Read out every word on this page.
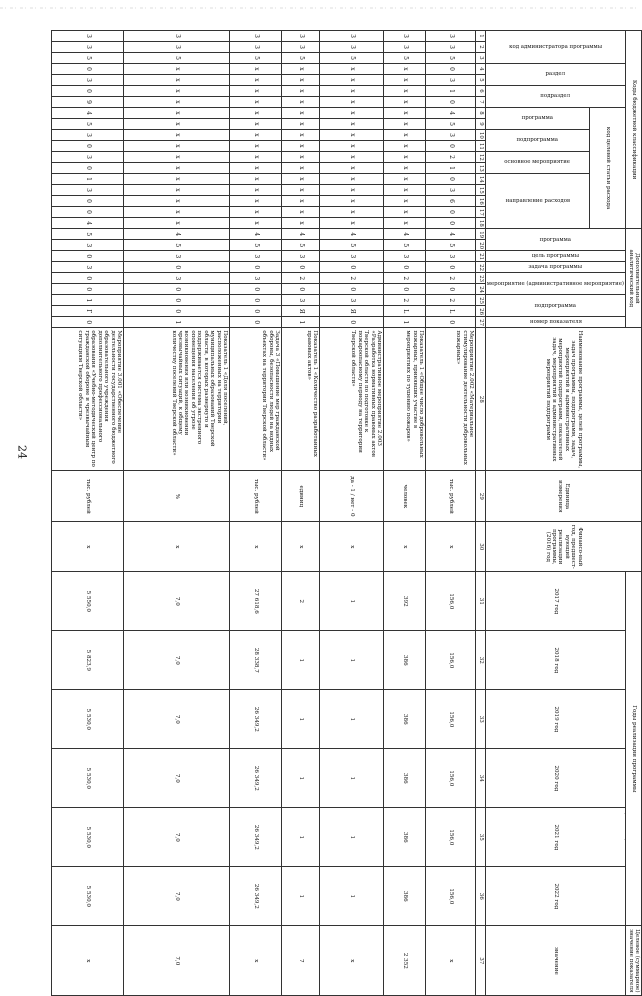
24
·
·
Коды бюджетной классификации																		Дополнительный аналитический код									Наименование программы, целей программы, задач программы, подпрограмм, задач, мероприятий и административных мероприятий подпрограмм, показателей задач, мероприятий и административных мероприятий подпрограмм	Единица измерения	Финансо-вый год, предшест-вующий реализации программы, (2016) год	Годы реализации программы						Целевое (суммарное) значение показателя

код администратора программы			раздел		подраздел		код целевой статьи расхода											программа		цель программы	задача программы	мероприятие (административное мероприятие)		подпрограмма		номер показателя				2017 год	2018 год	2019 год	2020 год	2021 год	2022 год	значение

							программа		подпрограмма		основное мероприятие		направление расходов																							

1	2	3	4	5	6	7	8	9	10	11	12	13	14	15	16	17	18	19	20	21	22	23	24	25	26	27	28	29	30	31	32	33	34	35	36	37
3	3	5	0	3	1	0	4	5	3	0	2	1	0	3	6	0	0	4	5	3	0	2	0	2	L	0	Мероприятие 2.002 «Материальное стимулирование деятельности добровольных пожарных»	тыс. рублей	x	156,0	156,0	156,0	156,0	156,0	156,0	x
3	3	5	x	x	x	x	x	x	x	x	x	x	x	x	x	x	x	4	5	3	0	2	0	2	L	1	Показатель 1 «Общее число добровольных пожарных, принявших участие в мероприятиях по тушению пожаров»	человек	x	392	386	386	386	386	386	2 352
3	3	5	x	x	x	x	x	x	x	x	x	x	x	x	x	x	x	4	5	3	0	2	0	3	Я	0	Административное мероприятие 2.003 «Разработка нормативных правовых актов Тверской области по подготовке к пожароопасному периоду на территории Тверской области»	да - 1 / нет - 0	x	1	1	1	1	1	1	x
3	3	5	x	x	x	x	x	x	x	x	x	x	x	x	x	x	x	4	5	3	0	2	0	3	Я	1	Показатель 1 «Количество разработанных правовых актов»	единиц	x	2	1	1	1	1	1	7
3	3	5	x	x	x	x	x	x	x	x	x	x	x	x	x	x	x	4	5	3	0	3	0	0	0	0	Задача 3 «Повышение мер гражданской обороны, безопасности людей на водных объектах на территории Тверской области»	тыс. рублей	x	27 618,6	28 338,7	26 349,2	26 349,2	26 349,2	26 349,2	x
3	3	5	x	x	x	x	x	x	x	x	x	x	x	x	x	x	x	4	5	3	0	3	0	0	0	1	Показатель 1 «Доля поселений, расположенных на территории муниципальных образований Тверской области, в которых развернуто и поддерживается система экстренного оповещения населения об угрозе возникновения или возникновении чрезвычайных ситуаций, к общему количеству поселений Тверской области»	%	x	7,0	7,0	7,0	7,0	7,0	7,0	7,0
3	3	5	0	3	0	9	4	5	3	0	3	0	1	3	0	0	4	5	3	0	3	0	0	1	Г	0	Мероприятие 3.001 «Обеспечение деятельности государственного бюджетного образовательного учреждения дополнительного профессионального образования «Учебно-методический центр по гражданской обороне и чрезвычайным ситуациям Тверской области»	тыс. рублей	x	5 550,0	5 823,9	5 530,0	5 530,0	5 530,0	5 530,0	x
